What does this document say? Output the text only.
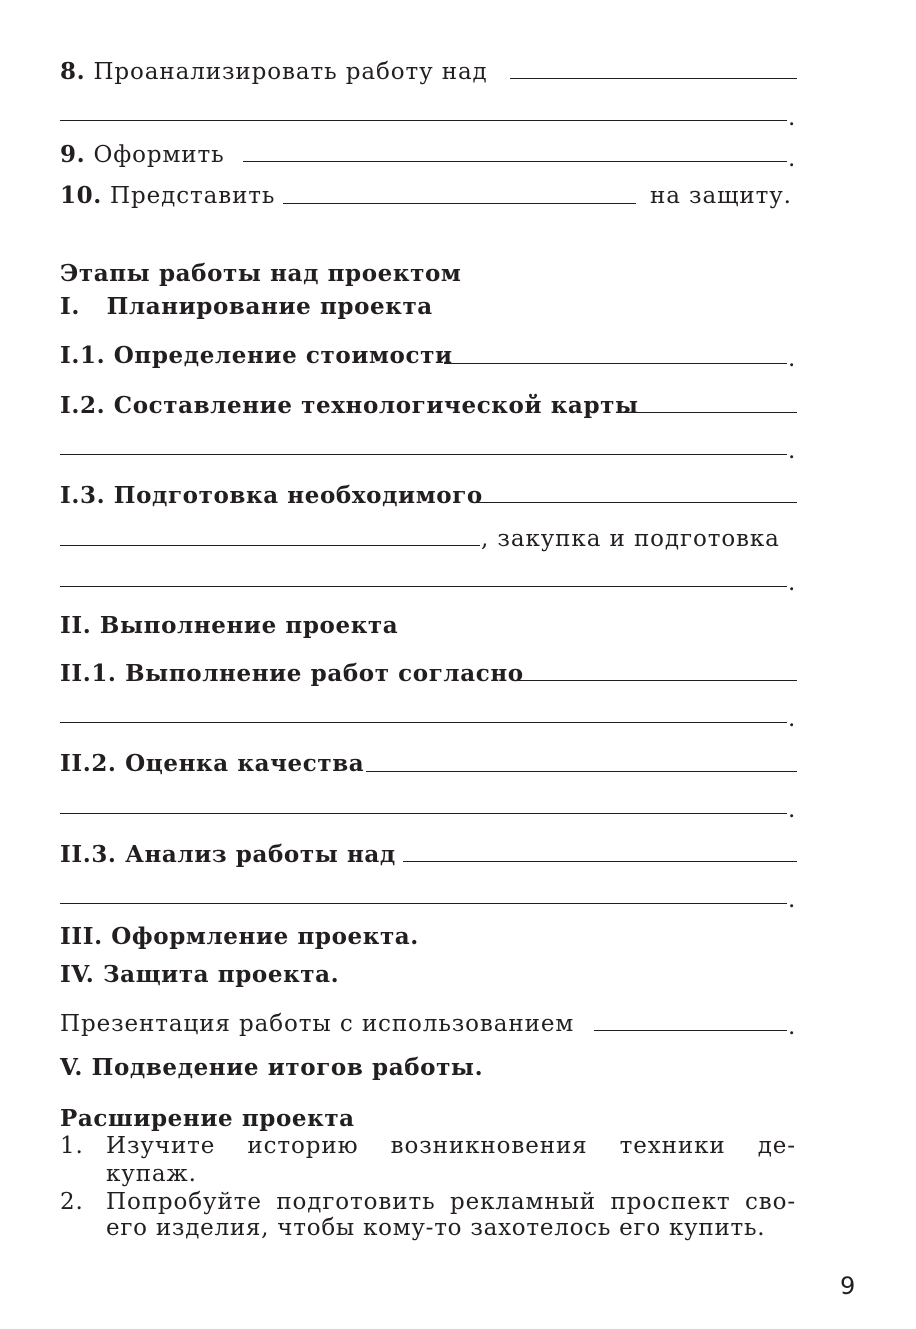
8. Проанализировать работу над
.
9. Оформить	.
10. Представить	на защиту.
Этапы работы над проектом
I. Планирование проекта
I.1. Определение стоимости	.
I.2. Составление технологической карты
.
I.3. Подготовка необходимого
, закупка и подготовка
.
II. Выполнение проекта
II.1. Выполнение работ согласно
.
II.2. Оценка качества
.
II.3. Анализ работы над
.
III. Оформление проекта.
IV. Защита проекта.
Презентация работы с использованием	.
V. Подведение итогов работы.
Расширение проекта
1. Изучите историю возникновения техники де-
купаж.
2. Попробуйте подготовить рекламный проспект сво-
его изделия, чтобы кому-то захотелось его купить.
9
